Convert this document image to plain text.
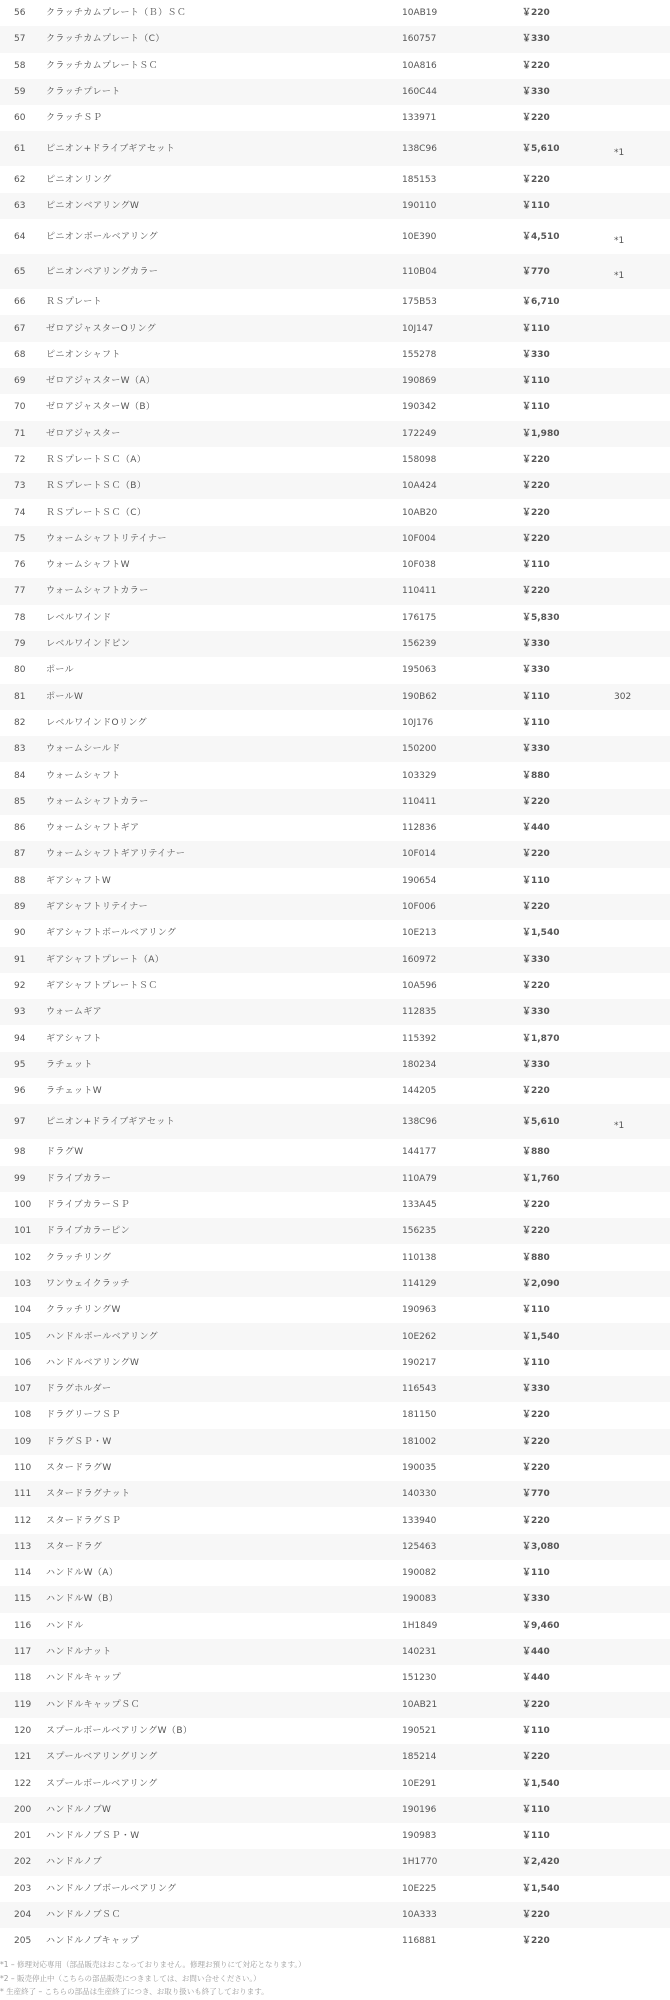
56	クラッチカムプレート（Ｂ）ＳＣ	10AB19	￥220	
57	クラッチカムプレート（C）	160757	￥330	
58	クラッチカムプレートＳＣ	10A816	￥220	
59	クラッチプレート	160C44	￥330	
60	クラッチＳＰ	133971	￥220	
61	ピニオン+ドライブギアセット	138C96	￥5,610	*1
62	ピニオンリング	185153	￥220	
63	ピニオンベアリングW	190110	￥110	
64	ピニオンボールベアリング	10E390	￥4,510	*1
65	ピニオンベアリングカラー	110B04	￥770	*1
66	ＲＳプレート	175B53	￥6,710	
67	ゼロアジャスターOリング	10J147	￥110	
68	ピニオンシャフト	155278	￥330	
69	ゼロアジャスターW（A）	190869	￥110	
70	ゼロアジャスターW（B）	190342	￥110	
71	ゼロアジャスター	172249	￥1,980	
72	ＲＳプレートＳＣ（A）	158098	￥220	
73	ＲＳプレートＳＣ（B）	10A424	￥220	
74	ＲＳプレートＳＣ（C）	10AB20	￥220	
75	ウォームシャフトリテイナー	10F004	￥220	
76	ウォームシャフトW	10F038	￥110	
77	ウォームシャフトカラー	110411	￥220	
78	レベルワインド	176175	￥5,830	
79	レベルワインドピン	156239	￥330	
80	ポール	195063	￥330	
81	ポールW	190B62	￥110	302
82	レベルワインドOリング	10J176	￥110	
83	ウォームシールド	150200	￥330	
84	ウォームシャフト	103329	￥880	
85	ウォームシャフトカラー	110411	￥220	
86	ウォームシャフトギア	112836	￥440	
87	ウォームシャフトギアリテイナー	10F014	￥220	
88	ギアシャフトW	190654	￥110	
89	ギアシャフトリテイナー	10F006	￥220	
90	ギアシャフトボールベアリング	10E213	￥1,540	
91	ギアシャフトプレート（A）	160972	￥330	
92	ギアシャフトプレートＳＣ	10A596	￥220	
93	ウォームギア	112835	￥330	
94	ギアシャフト	115392	￥1,870	
95	ラチェット	180234	￥330	
96	ラチェットW	144205	￥220	
97	ピニオン+ドライブギアセット	138C96	￥5,610	*1
98	ドラグW	144177	￥880	
99	ドライブカラー	110A79	￥1,760	
100	ドライブカラーＳＰ	133A45	￥220	
101	ドライブカラーピン	156235	￥220	
102	クラッチリング	110138	￥880	
103	ワンウェイクラッチ	114129	￥2,090	
104	クラッチリングW	190963	￥110	
105	ハンドルボールベアリング	10E262	￥1,540	
106	ハンドルベアリングW	190217	￥110	
107	ドラグホルダー	116543	￥330	
108	ドラグリーフＳＰ	181150	￥220	
109	ドラグＳＰ・W	181002	￥220	
110	スタードラグW	190035	￥220	
111	スタードラグナット	140330	￥770	
112	スタードラグＳＰ	133940	￥220	
113	スタードラグ	125463	￥3,080	
114	ハンドルW（A）	190082	￥110	
115	ハンドルW（B）	190083	￥330	
116	ハンドル	1H1849	￥9,460	
117	ハンドルナット	140231	￥440	
118	ハンドルキャップ	151230	￥440	
119	ハンドルキャップＳＣ	10AB21	￥220	
120	スプールボールベアリングW（B）	190521	￥110	
121	スプールベアリングリング	185214	￥220	
122	スプールボールベアリング	10E291	￥1,540	
200	ハンドルノブW	190196	￥110	
201	ハンドルノブＳＰ・W	190983	￥110	
202	ハンドルノブ	1H1770	￥2,420	
203	ハンドルノブボールベアリング	10E225	￥1,540	
204	ハンドルノブＳＣ	10A333	￥220	
205	ハンドルノブキャップ	116881	￥220	
*1 – 修理対応専用（部品販売はおこなっておりません。修理お預りにて対応となります。）
*2 – 販売停止中（こちらの部品販売につきましては、お問い合せください。）
* 生産終了 – こちらの部品は生産終了につき、お取り扱いも終了しております。
